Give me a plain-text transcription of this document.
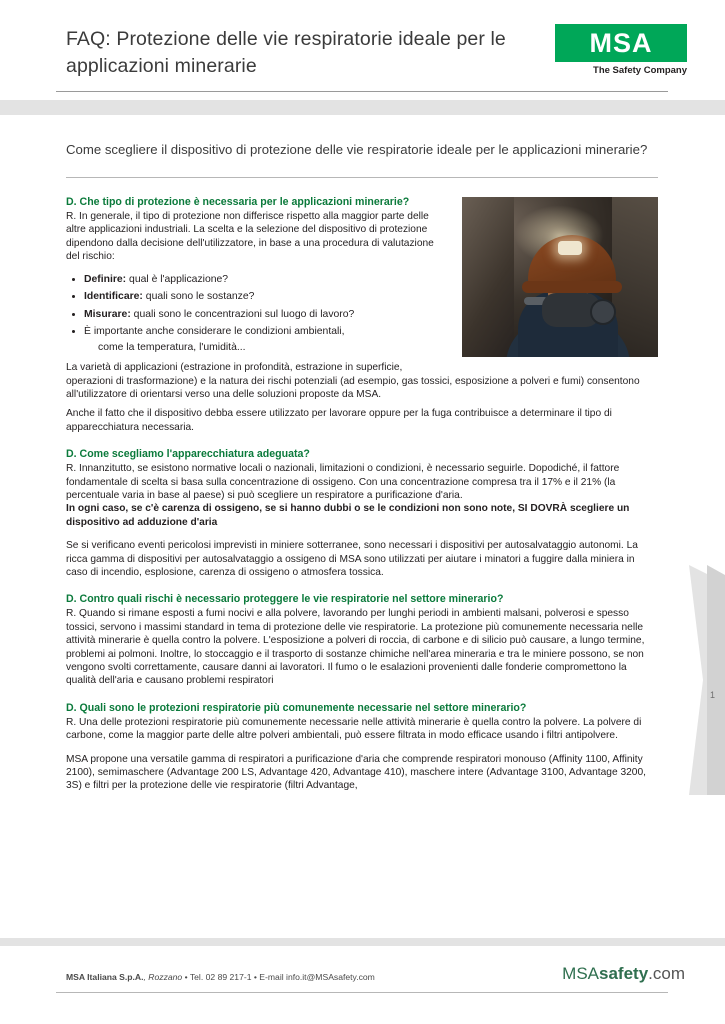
FAQ: Protezione delle vie respiratorie ideale per le applicazioni minerarie
MSA
The Safety Company
Come scegliere il dispositivo di protezione delle vie respiratorie ideale per le applicazioni minerarie?
D. Che tipo di protezione è necessaria per le applicazioni minerarie?

R. In generale, il tipo di protezione non differisce rispetto alla maggior parte delle altre applicazioni industriali. La scelta e la selezione del dispositivo di protezione dipendono dalla decisione dell'utilizzatore, in base a una procedura di valutazione del rischio:

• Definire: qual è l'applicazione?
• Identificare: quali sono le sostanze?
• Misurare: quali sono le concentrazioni sul luogo di lavoro?
• È importante anche considerare le condizioni ambientali,
come la temperatura, l'umidità...

La varietà di applicazioni (estrazione in profondità, estrazione in superficie, operazioni di trasformazione) e la natura dei rischi potenziali (ad esempio, gas tossici, esposizione a polveri e fumi) consentono all'utilizzatore di orientarsi verso una delle soluzioni proposte da MSA.

Anche il fatto che il dispositivo debba essere utilizzato per lavorare oppure per la fuga contribuisce a determinare il tipo di apparecchiatura necessaria.

D. Come scegliamo l'apparecchiatura adeguata?

R. Innanzitutto, se esistono normative locali o nazionali, limitazioni o condizioni, è necessario seguirle. Dopodiché, il fattore fondamentale di scelta si basa sulla concentrazione di ossigeno. Con una concentrazione compresa tra il 17% e il 21% (la percentuale varia in base al paese) si può scegliere un respiratore a purificazione d'aria.

In ogni caso, se c'è carenza di ossigeno, se si hanno dubbi o se le condizioni non sono note, SI DOVRÀ scegliere un dispositivo ad adduzione d'aria

Se si verificano eventi pericolosi imprevisti in miniere sotterranee, sono necessari i dispositivi per autosalvataggio autonomi. La ricca gamma di dispositivi per autosalvataggio a ossigeno di MSA sono utilizzati per aiutare i minatori a fuggire dalla miniera in caso di incendio, esplosione, carenza di ossigeno o atmosfera tossica.

D. Contro quali rischi è necessario proteggere le vie respiratorie nel settore minerario?

R. Quando si rimane esposti a fumi nocivi e alla polvere, lavorando per lunghi periodi in ambienti malsani, polverosi e spesso tossici, servono i massimi standard in tema di protezione delle vie respiratorie. La protezione più comunemente necessaria nelle attività minerarie è quella contro la polvere. L'esposizione a polveri di roccia, di carbone e di silicio può causare, a lungo termine, problemi ai polmoni. Inoltre, lo stoccaggio e il trasporto di sostanze chimiche nell'area mineraria e tra le miniere possono, se non vengono svolti correttamente, causare danni ai lavoratori. Il fumo o le esalazioni provenienti dalle fonderie compromettono la qualità dell'aria e causano problemi respiratori

D. Quali sono le protezioni respiratorie più comunemente necessarie nel settore minerario?

R. Una delle protezioni respiratorie più comunemente necessarie nelle attività minerarie è quella contro la polvere. La polvere di carbone, come la maggior parte delle altre polveri ambientali, può essere filtrata in modo efficace usando i filtri antipolvere.

MSA propone una versatile gamma di respiratori a purificazione d'aria che comprende respiratori monouso (Affinity 1100, Affinity 2100), semimaschere (Advantage 200 LS, Advantage 420, Advantage 410), maschere intere (Advantage 3100, Advantage 3200, 3S) e filtri per la protezione delle vie respiratorie (filtri Advantage,

1
MSA Italiana S.p.A., Rozzano • Tel. 02 89 217-1 • E-mail info.it@MSAsafety.com	MSAsafety.com
